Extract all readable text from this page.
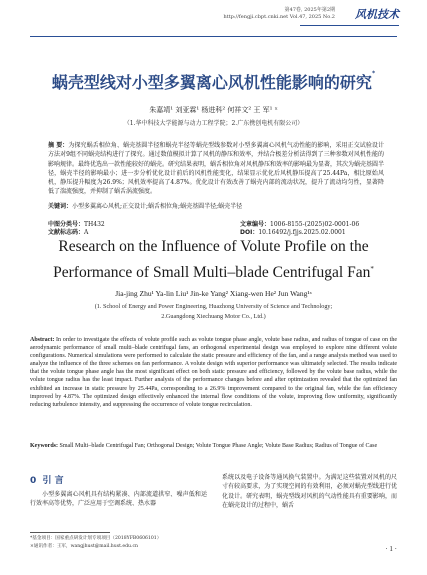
第47卷, 2025年第2期
http://fengji.cbpt.cnki.net Vol.47, 2025 No.2 风机技术
蜗壳型线对小型多翼离心风机性能影响的研究*
朱嘉靖¹ 刘亚霖¹ 杨进科² 何祥文² 王 军¹ ˣ
（1.华中科技大学能源与动力工程学院；2.广东携创电机有限公司）
摘 要：为探究蜗舌相位角、蜗壳基圆半径和蜗壳半径等蜗壳型线参数对小型多翼离心风机气动性能的影响，采用正交试验设计方法对9组不同蜗壳结构进行了探究。通过数值模拟计算了风机的静压和效率，并结合极差分析法得到了三种参数对风机性能的影响规律。最终优选出一款性能较好的蜗壳。研究结果表明，蜗舌相位角对风机静压和效率的影响最为显著，其次为蜗壳基圆半径，蜗壳半径的影响最小；进一步分析优化设计前后的风机性能变化，结果显示优化后风机静压提高了25.44Pa，相比原始风机，静压提升幅度为26.9%；风机效率提高了4.87%。优化设计有效改善了蜗壳内部的流动状况，提升了流动均匀性，显著降低了湍流强度，并抑制了蜗舌涡流强度。
关键词：小型多翼离心风机;正交设计;蜗舌相位角;蜗壳基圆半径;蜗壳半径
中图分类号：TH432
文献标志码：A
文章编号：1006-8155-(2025)02-0001-06
DOI：10.16492/j.fjjs.2025.02.0001
Research on the Influence of Volute Profile on the
Performance of Small Multi–blade Centrifugal Fan*
Jia-jing Zhu¹ Ya-lin Liu¹ Jin-ke Yang² Xiang-wen He² Jun Wang¹ˣ
(1. School of Energy and Power Engineering, Huazhong University of Science and Technology;
2.Guangdong Xiechuang Motor Co., Ltd.)
Abstract: In order to investigate the effects of volute profile such as volute tongue phase angle, volute base radius, and radius of tongue of case on the aerodynamic performance of small multi–blade centrifugal fans, an orthogonal experimental design was employed to explore nine different volute configurations. Numerical simulations were performed to calculate the static pressure and efficiency of the fan, and a range analysis method was used to analyze the influence of the three schemes on fan performance. A volute design with superior performance was ultimately selected. The results indicate that the volute tongue phase angle has the most significant effect on both static pressure and efficiency, followed by the volute base radius, while the volute tongue radius has the least impact. Further analysis of the performance changes before and after optimization revealed that the optimized fan exhibited an increase in static pressure by 25.44Pa, corresponding to a 26.9% improvement compared to the original fan, while the fan efficiency improved by 4.87%. The optimized design effectively enhanced the internal flow conditions of the volute, improving flow uniformity, significantly reducing turbulence intensity, and suppressing the occurrence of volute tongue recirculation.
Keywords: Small Multi–blade Centrifugal Fan; Orthogonal Design; Volute Tongue Phase Angle; Volute Base Radius; Radius of Tongue of Case
0 引 言
小型多翼离心风机具有结构紧凑、内部流道拱窄、噪声低和运行效率高等优势，广泛应用于空调系统、热水器
系统以及电子设备等通风换气装置中。为满足这些装置对风机的尺寸有较高要求，为了实现空间的有效利用，必须对蜗壳型线进行优化设计。研究表明，蜗壳型线对风机的气动性能具有重要影响，而在蜗壳设计的过程中，蜗舌
*基金项目：国家重点研发计划专项项目（2018YFB0606101）
×通讯作者：王军，wangjhust@mail.hust.edu.cn	· 1 ·
